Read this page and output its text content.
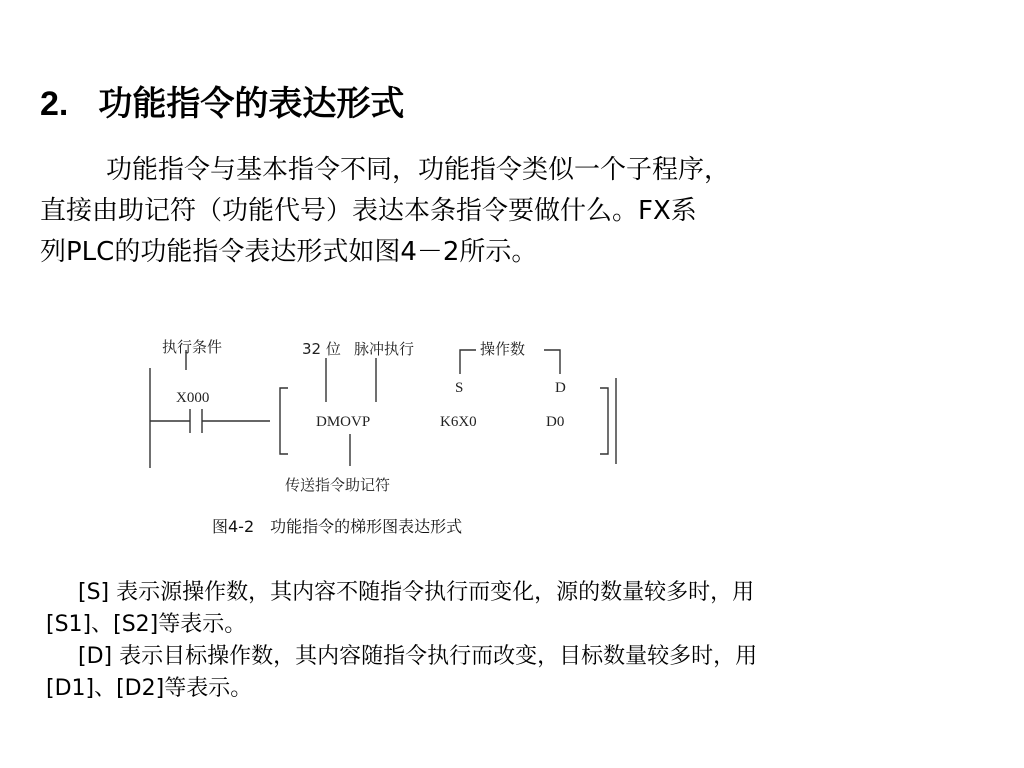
2. 功能指令的表达形式
功能指令与基本指令不同，功能指令类似一个子程序，
直接由助记符（功能代号）表达本条指令要做什么。FX系
列PLC的功能指令表达形式如图4－2所示。
执行条件
X000
32 位 脉冲执行	操作数
S	D
DMOVP	K6X0	D0
传送指令助记符
图4-2　功能指令的梯形图表达形式
[S] 表示源操作数，其内容不随指令执行而变化，源的数量较多时，用
[S1]、[S2]等表示。
[D] 表示目标操作数，其内容随指令执行而改变，目标数量较多时，用
[D1]、[D2]等表示。
